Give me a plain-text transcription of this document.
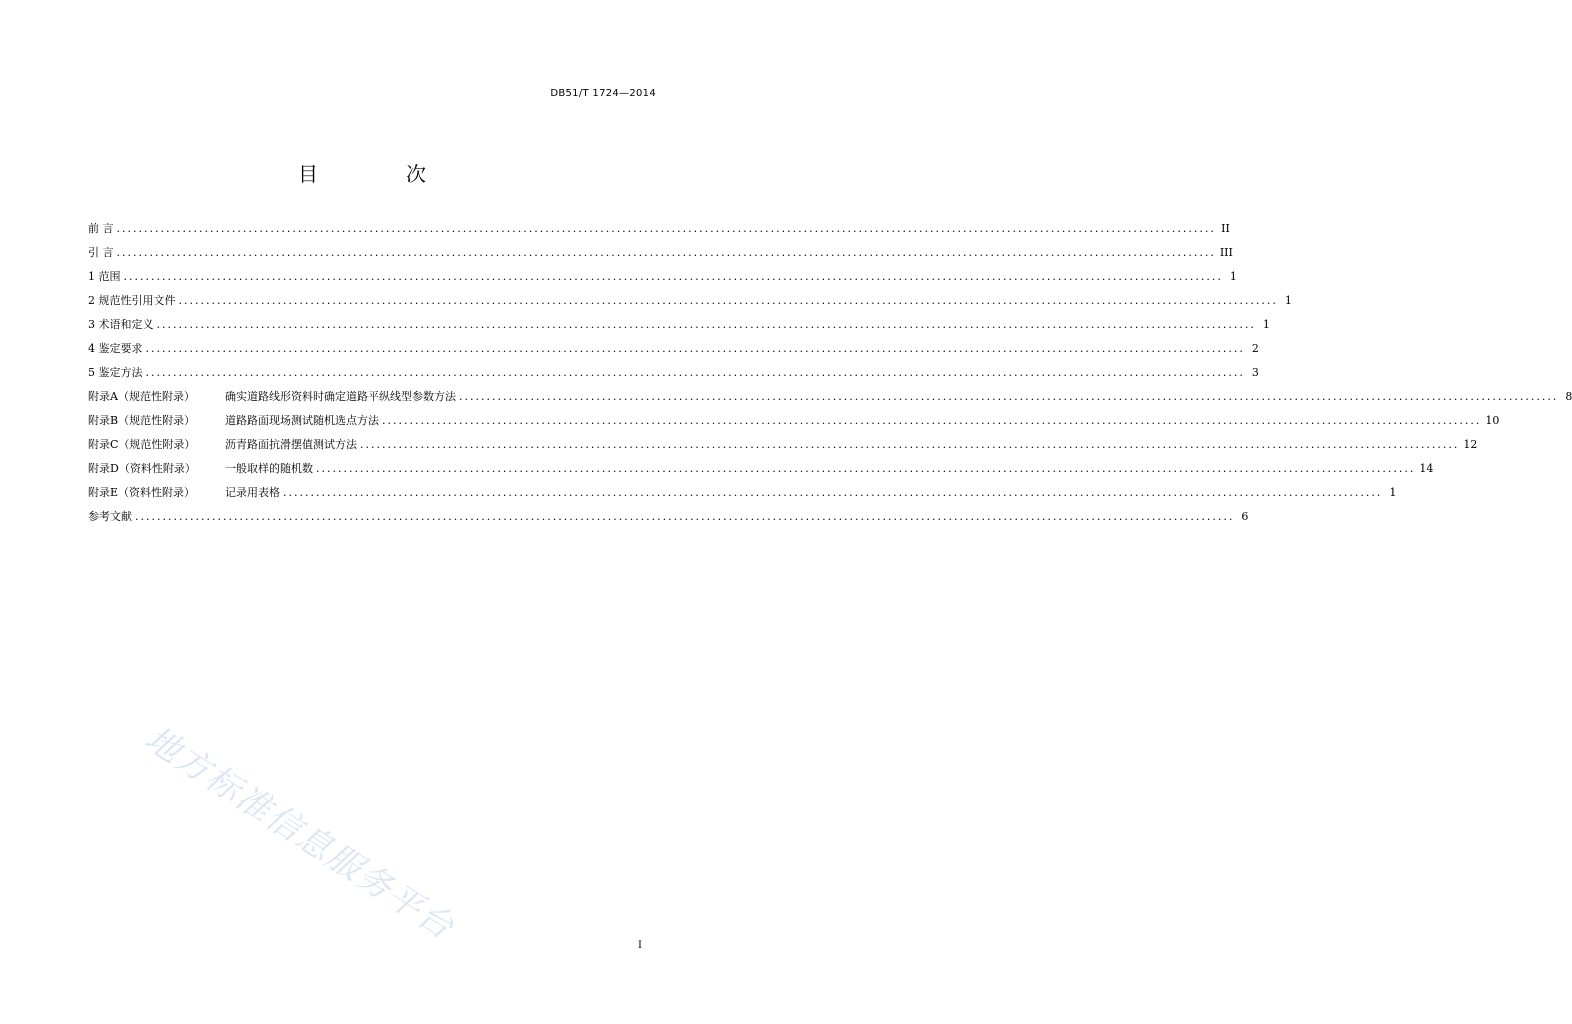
DB51/T 1724—2014
目　次
前 言 ........................................................................................................................................................................................................ II
引 言 ........................................................................................................................................................................................................ III
1 范围 ........................................................................................................................................................................................................ 1
2 规范性引用文件 ........................................................................................................................................................................................................ 1
3 术语和定义 ........................................................................................................................................................................................................ 1
4 鉴定要求 ........................................................................................................................................................................................................ 2
5 鉴定方法 ........................................................................................................................................................................................................ 3
附录A（规范性附录）	确实道路线形资料时确定道路平纵线型参数方法 ........................................................................................................................................................................................................ 8
附录B（规范性附录）	道路路面现场测试随机选点方法 ........................................................................................................................................................................................................ 10
附录C（规范性附录）	沥青路面抗滑摆值测试方法 ........................................................................................................................................................................................................ 12
附录D（资料性附录）	一般取样的随机数 ........................................................................................................................................................................................................ 14
附录E（资料性附录）	记录用表格 ........................................................................................................................................................................................................ 1
参考文献 ........................................................................................................................................................................................................ 6
地方标准信息服务平台	I
